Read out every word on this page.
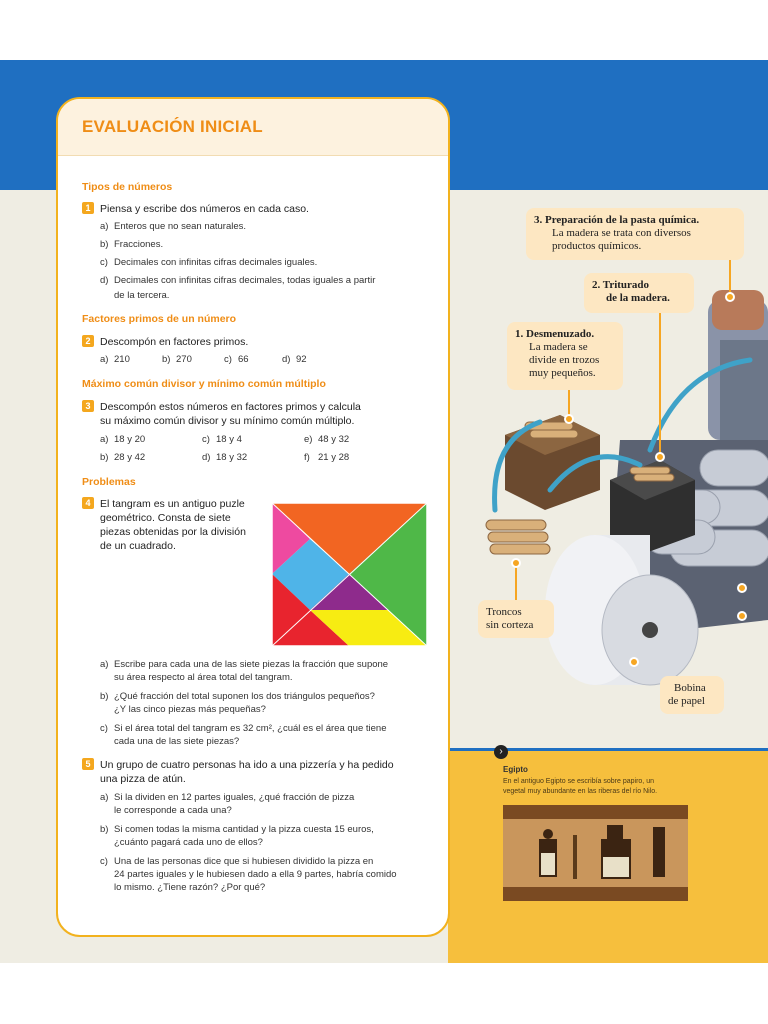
3. Preparación de la pasta química.
La madera se trata con diversos
productos químicos.
2. Triturado
de la madera.
1. Desmenuzado.
La madera se
divide en trozos
muy pequeños.
Troncos
sin corteza
Bobina
de papel
›

Egipto

En el antiguo Egipto se escribía sobre papiro, un
vegetal muy abundante en las riberas del río Nilo.

EVALUACIÓN INICIAL

Tipos de números

1 Piensa y escribe dos números en cada caso.
a) Enteros que no sean naturales.
b) Fracciones.
c) Decimales con infinitas cifras decimales iguales.
d) Decimales con infinitas cifras decimales, todas iguales a partir
de la tercera.

Factores primos de un número

2 Descompón en factores primos.
a) 210	b) 270	c) 66	d) 92

Máximo común divisor y mínimo común múltiplo

3 Descompón estos números en factores primos y calcula
su máximo común divisor y su mínimo común múltiplo.
a) 18 y 20	c) 18 y 4	e) 48 y 32
b) 28 y 42	d) 18 y 32	f) 21 y 28

Problemas

4 El tangram es un antiguo puzle
geométrico. Consta de siete
piezas obtenidas por la división
de un cuadrado.
a) Escribe para cada una de las siete piezas la fracción que supone
su área respecto al área total del tangram.
b) ¿Qué fracción del total suponen los dos triángulos pequeños?
¿Y las cinco piezas más pequeñas?
c) Si el área total del tangram es 32 cm², ¿cuál es el área que tiene
cada una de las siete piezas?
5 Un grupo de cuatro personas ha ido a una pizzería y ha pedido
una pizza de atún.
a) Si la dividen en 12 partes iguales, ¿qué fracción de pizza
le corresponde a cada una?
b) Si comen todas la misma cantidad y la pizza cuesta 15 euros,
¿cuánto pagará cada uno de ellos?
c) Una de las personas dice que si hubiesen dividido la pizza en
24 partes iguales y le hubiesen dado a ella 9 partes, habría comido
lo mismo. ¿Tiene razón? ¿Por qué?
